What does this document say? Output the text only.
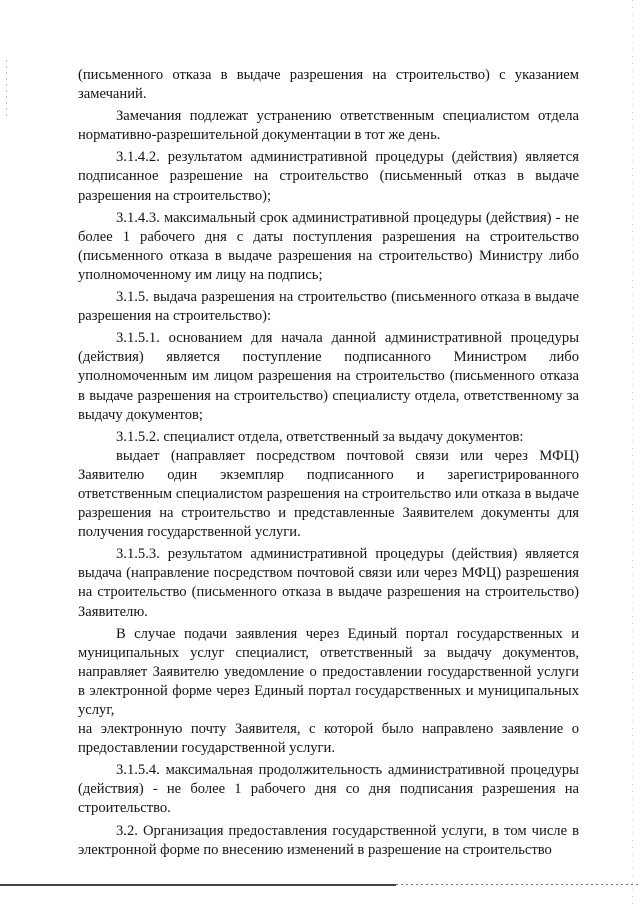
(письменного отказа в выдаче разрешения на строительство) с указанием замечаний.

Замечания подлежат устранению ответственным специалистом отдела нормативно-разрешительной документации в тот же день.

3.1.4.2. результатом административной процедуры (действия) является подписанное разрешение на строительство (письменный отказ в выдаче разрешения на строительство);

3.1.4.3. максимальный срок административной процедуры (действия) - не более 1 рабочего дня с даты поступления разрешения на строительство (письменного отказа в выдаче разрешения на строительство) Министру либо уполномоченному им лицу на подпись;

3.1.5. выдача разрешения на строительство (письменного отказа в выдаче разрешения на строительство):

3.1.5.1. основанием для начала данной административной процедуры (действия) является поступление подписанного Министром либо уполномоченным им лицом разрешения на строительство (письменного отказа в выдаче разрешения на строительство) специалисту отдела, ответственному за выдачу документов;

3.1.5.2. специалист отдела, ответственный за выдачу документов:

выдает (направляет посредством почтовой связи или через МФЦ) Заявителю один экземпляр подписанного и зарегистрированного ответственным специалистом разрешения на строительство или отказа в выдаче разрешения на строительство и представленные Заявителем документы для получения государственной услуги.

3.1.5.3. результатом административной процедуры (действия) является выдача (направление посредством почтовой связи или через МФЦ) разрешения на строительство (письменного отказа в выдаче разрешения на строительство) Заявителю.

В случае подачи заявления через Единый портал государственных и муниципальных услуг специалист, ответственный за выдачу документов, направляет Заявителю уведомление о предоставлении государственной услуги в электронной форме через Единый портал государственных и муниципальных услуг,

на электронную почту Заявителя, с которой было направлено заявление о предоставлении государственной услуги.

3.1.5.4. максимальная продолжительность административной процедуры (действия) - не более 1 рабочего дня со дня подписания разрешения на строительство.

3.2. Организация предоставления государственной услуги, в том числе в электронной форме по внесению изменений в разрешение на строительство
